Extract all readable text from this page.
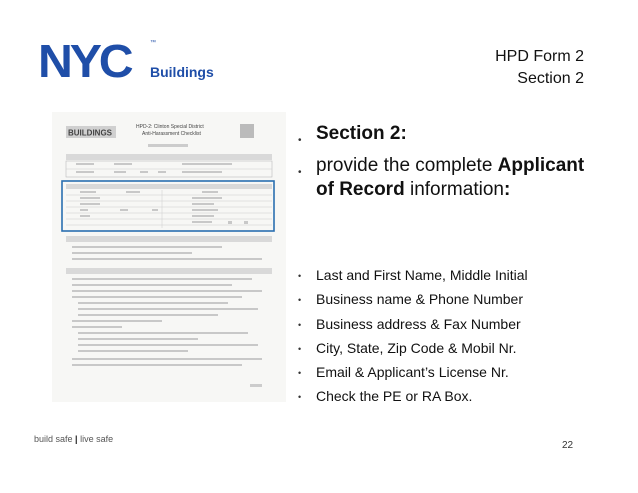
NYC	™
Buildings
HPD Form 2
Section 2
BUILDINGS
HPD-2: Clinton Special District
Anti-Harassment Checklist
• Section 2:
• provide the complete Applicant of Record information:
• Last and First Name, Middle Initial
• Business name & Phone Number
• Business address & Fax Number
• City, State, Zip Code & Mobil Nr.
• Email & Applicant’s License Nr.
• Check the PE or RA Box.
build safe | live safe
22
